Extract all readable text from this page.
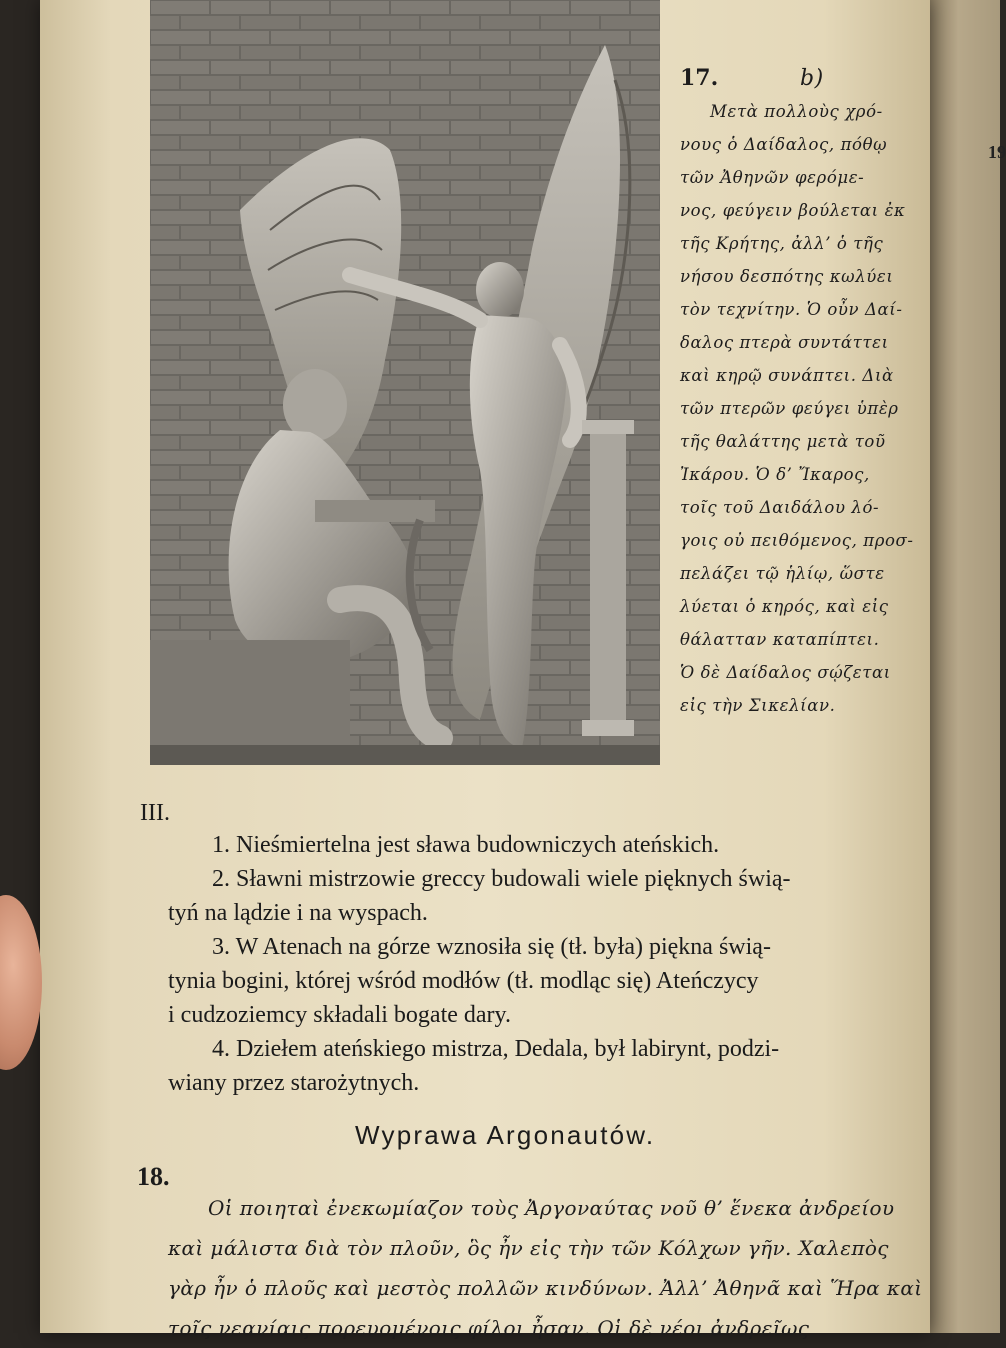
19
17.	b)
Μετὰ πολλοὺς χρό-
νους ὁ Δαίδαλος, πόθῳ
τῶν Ἀθηνῶν φερόμε-
νος, φεύγειν βούλεται ἐκ
τῆς Κρήτης, ἀλλ’ ὁ τῆς
νήσου δεσπότης κωλύει
τὸν τεχνίτην. Ὁ οὖν Δαί-
δαλος πτερὰ συντάττει
καὶ κηρῷ συνάπτει. Διὰ
τῶν πτερῶν φεύγει ὑπὲρ
τῆς θαλάττης μετὰ τοῦ
Ἰκάρου. Ὁ δ’ Ἴκαρος,
τοῖς τοῦ Δαιδάλου λό-
γοις οὐ πειθόμενος, προσ-
πελάζει τῷ ἡλίῳ, ὥστε
λύεται ὁ κηρός, καὶ εἰς
θάλατταν καταπίπτει.
Ὁ δὲ Δαίδαλος σῴζεται
εἰς τὴν Σικελίαν.
III.
1. Nieśmiertelna jest sława budowniczych ateńskich.
2. Sławni mistrzowie greccy budowali wiele pięknych świą-
tyń na lądzie i na wyspach.
3. W Atenach na górze wznosiła się (tł. była) piękna świą-
tynia bogini, której wśród modłów (tł. modląc się) Ateńczycy
i cudzoziemcy składali bogate dary.
4. Dziełem ateńskiego mistrza, Dedala, był labirynt, podzi-
wiany przez starożytnych.
Wyprawa Argonautów.
18.
Οἱ ποιηταὶ ἐνεκωμίαζον τοὺς Ἀργοναύτας νοῦ θ’ ἕνεκα ἀνδρείου
καὶ μάλιστα διὰ τὸν πλοῦν, ὃς ἦν εἰς τὴν τῶν Κόλχων γῆν. Χαλεπὸς
γὰρ ἦν ὁ πλοῦς καὶ μεστὸς πολλῶν κινδύνων. Ἀλλ’ Ἀθηνᾶ καὶ Ἥρα καὶ
τοῖς νεανίαις πορευομένοις φίλοι ἦσαν. Οἱ δὲ νέοι ἀνδρεῖως
